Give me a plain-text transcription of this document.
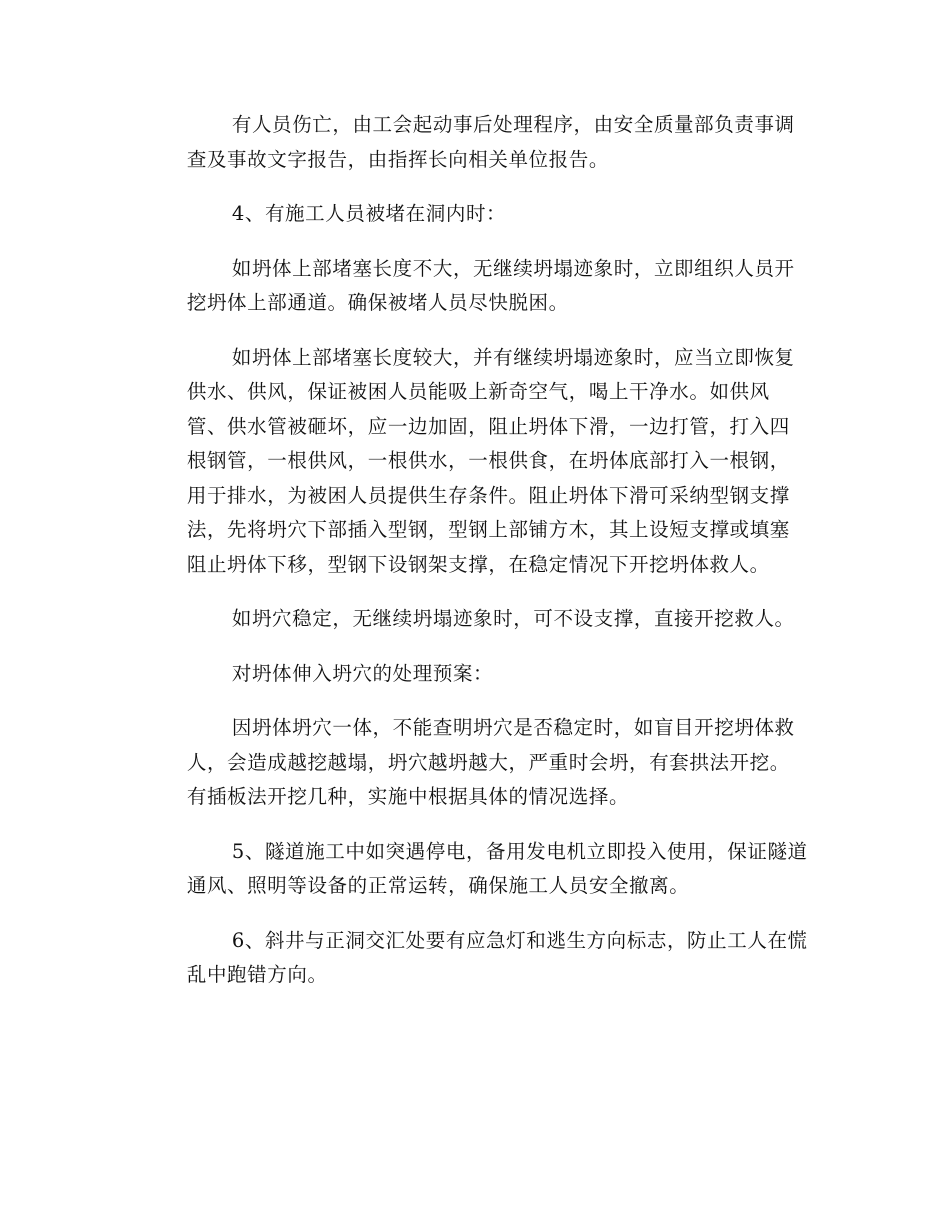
有人员伤亡，由工会起动事后处理程序，由安全质量部负责事调
查及事故文字报告，由指挥长向相关单位报告。
4、有施工人员被堵在洞内时：
如坍体上部堵塞长度不大，无继续坍塌迹象时，立即组织人员开
挖坍体上部通道。确保被堵人员尽快脱困。
如坍体上部堵塞长度较大，并有继续坍塌迹象时，应当立即恢复
供水、供风，保证被困人员能吸上新奇空气，喝上干净水。如供风
管、供水管被砸坏，应一边加固，阻止坍体下滑，一边打管，打入四
根钢管，一根供风，一根供水，一根供食，在坍体底部打入一根钢，
用于排水，为被困人员提供生存条件。阻止坍体下滑可采纳型钢支撑
法，先将坍穴下部插入型钢，型钢上部铺方木，其上设短支撑或填塞
阻止坍体下移，型钢下设钢架支撑，在稳定情况下开挖坍体救人。
如坍穴稳定，无继续坍塌迹象时，可不设支撑，直接开挖救人。
对坍体伸入坍穴的处理预案：
因坍体坍穴一体，不能查明坍穴是否稳定时，如盲目开挖坍体救
人，会造成越挖越塌，坍穴越坍越大，严重时会坍，有套拱法开挖。
有插板法开挖几种，实施中根据具体的情况选择。
5、隧道施工中如突遇停电，备用发电机立即投入使用，保证隧道
通风、照明等设备的正常运转，确保施工人员安全撤离。
6、斜井与正洞交汇处要有应急灯和逃生方向标志，防止工人在慌
乱中跑错方向。
